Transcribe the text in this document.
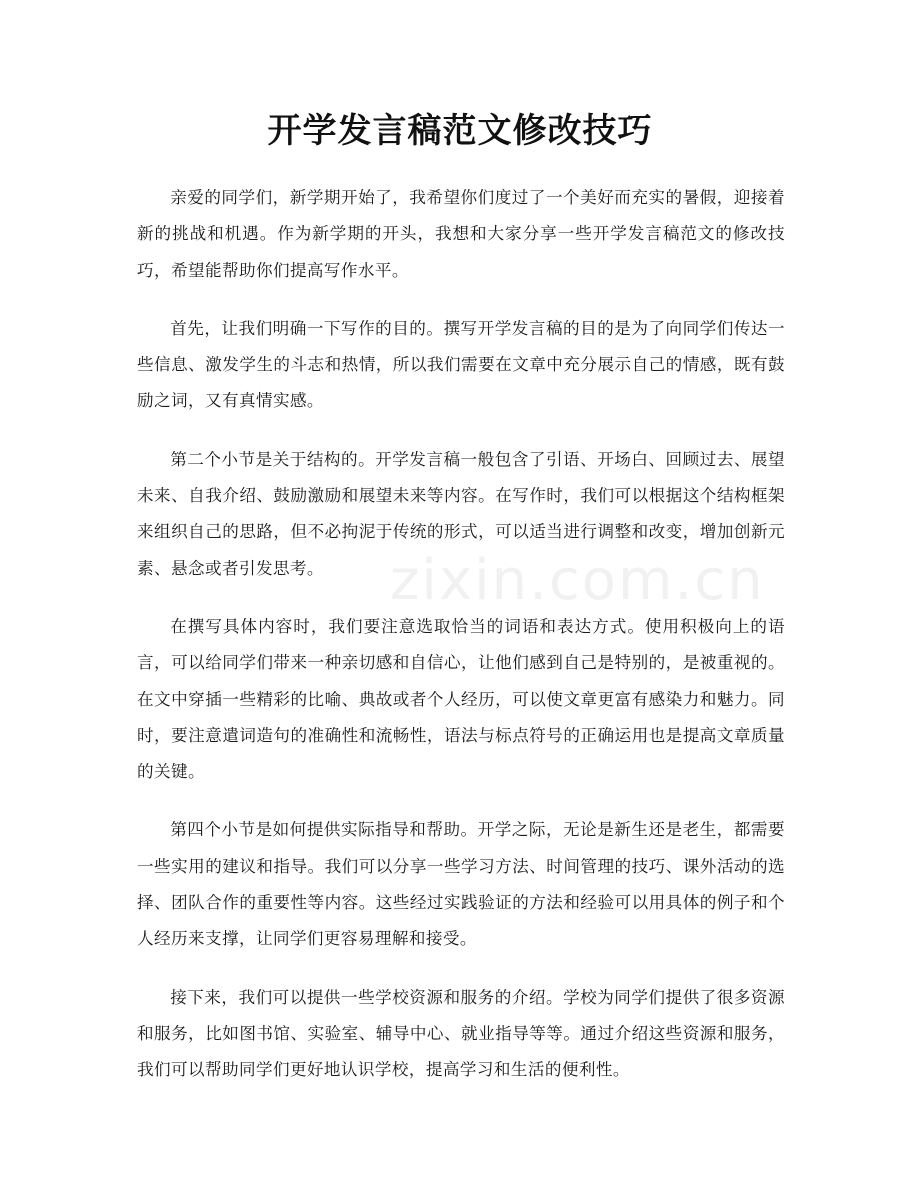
开学发言稿范文修改技巧

亲爱的同学们，新学期开始了，我希望你们度过了一个美好而充实的暑假，迎接着新的挑战和机遇。作为新学期的开头，我想和大家分享一些开学发言稿范文的修改技巧，希望能帮助你们提高写作水平。

首先，让我们明确一下写作的目的。撰写开学发言稿的目的是为了向同学们传达一些信息、激发学生的斗志和热情，所以我们需要在文章中充分展示自己的情感，既有鼓励之词，又有真情实感。

第二个小节是关于结构的。开学发言稿一般包含了引语、开场白、回顾过去、展望未来、自我介绍、鼓励激励和展望未来等内容。在写作时，我们可以根据这个结构框架来组织自己的思路，但不必拘泥于传统的形式，可以适当进行调整和改变，增加创新元素、悬念或者引发思考。

在撰写具体内容时，我们要注意选取恰当的词语和表达方式。使用积极向上的语言，可以给同学们带来一种亲切感和自信心，让他们感到自己是特别的，是被重视的。在文中穿插一些精彩的比喻、典故或者个人经历，可以使文章更富有感染力和魅力。同时，要注意遣词造句的准确性和流畅性，语法与标点符号的正确运用也是提高文章质量的关键。

第四个小节是如何提供实际指导和帮助。开学之际，无论是新生还是老生，都需要一些实用的建议和指导。我们可以分享一些学习方法、时间管理的技巧、课外活动的选择、团队合作的重要性等内容。这些经过实践验证的方法和经验可以用具体的例子和个人经历来支撑，让同学们更容易理解和接受。

接下来，我们可以提供一些学校资源和服务的介绍。学校为同学们提供了很多资源和服务，比如图书馆、实验室、辅导中心、就业指导等等。通过介绍这些资源和服务，我们可以帮助同学们更好地认识学校，提高学习和生活的便利性。

zixin.com.cn
